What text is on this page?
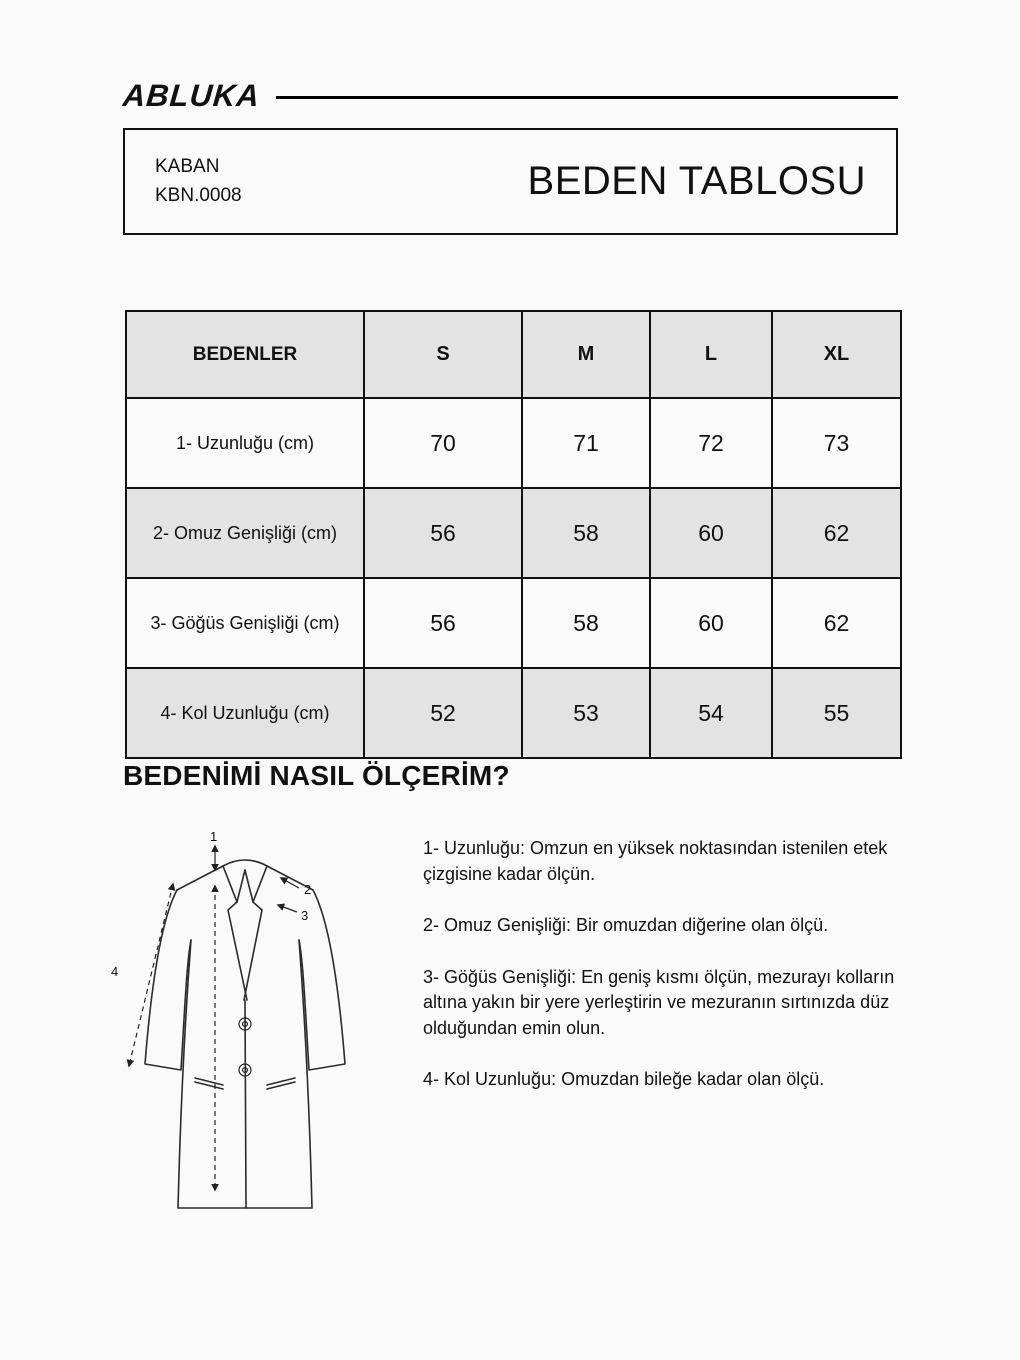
ABLUKA
KABAN
KBN.0008	BEDEN TABLOSU
BEDENLER	S	M	L	XL
1- Uzunluğu (cm)	70	71	72	73
2- Omuz Genişliği (cm)	56	58	60	62
3- Göğüs Genişliği (cm)	56	58	60	62
4- Kol Uzunluğu (cm)	52	53	54	55
BEDENİMİ NASIL ÖLÇERİM?
1
2
3
4

1- Uzunluğu: Omzun en yüksek noktasından istenilen etek çizgisine kadar ölçün.

2- Omuz Genişliği: Bir omuzdan diğerine olan ölçü.

3- Göğüs Genişliği: En geniş kısmı ölçün, mezurayı kolların altına yakın bir yere yerleştirin ve mezuranın sırtınızda düz olduğundan emin olun.

4- Kol Uzunluğu: Omuzdan bileğe kadar olan ölçü.
